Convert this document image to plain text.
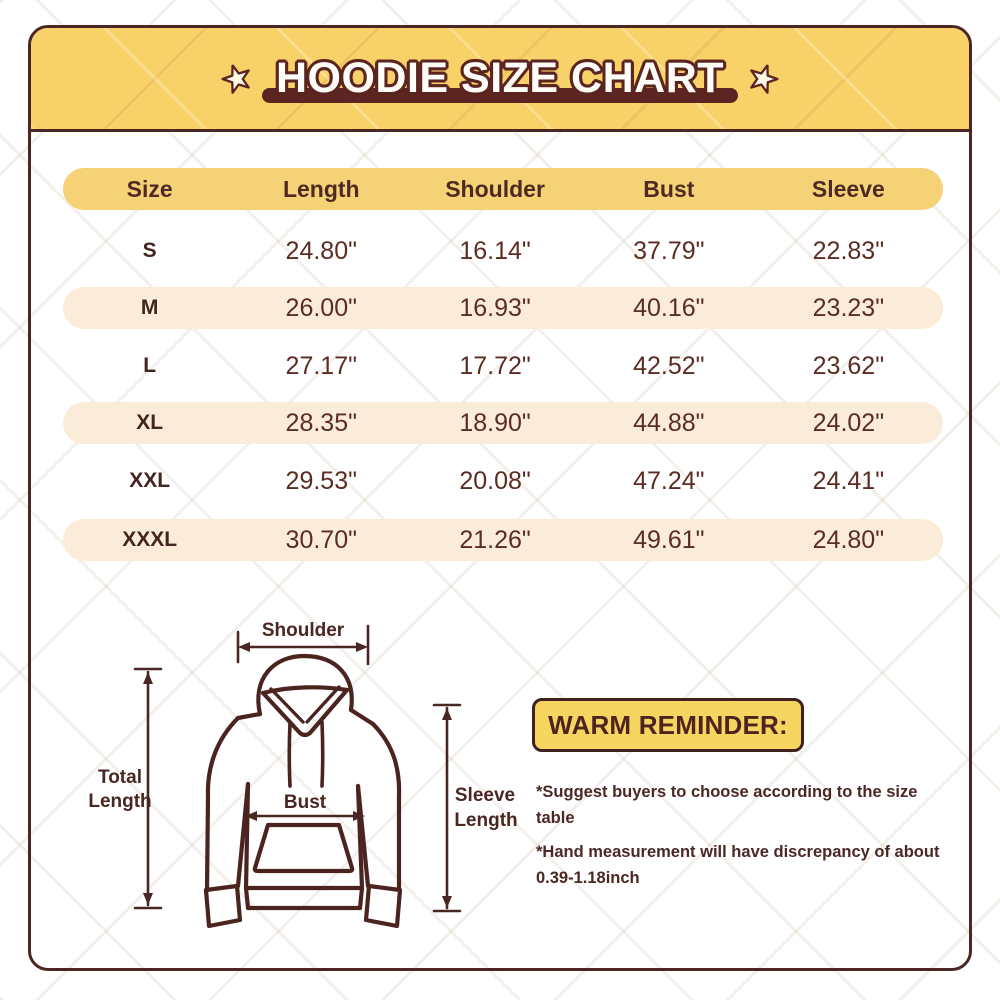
HOODIE SIZE CHART
Size	Length	Shoulder	Bust	Sleeve
S	24.80"	16.14"	37.79"	22.83"
M	26.00"	16.93"	40.16"	23.23"
L	27.17"	17.72"	42.52"	23.62"
XL	28.35"	18.90"	44.88"	24.02"
XXL	29.53"	20.08"	47.24"	24.41"
XXXL	30.70"	21.26"	49.61"	24.80"
Shoulder
Total
Length	Bust	Sleeve
Length
WARM REMINDER:
*Suggest buyers to choose according to the size table
*Hand measurement will have discrepancy of about
0.39-1.18inch
